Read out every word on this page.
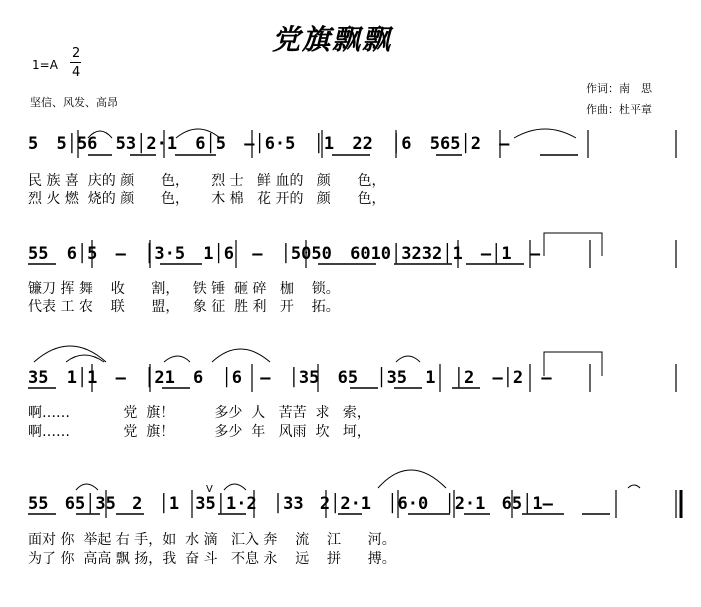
党旗飘飘
1=A
2
4
坚信、风发、高昂
作词：南　思
作曲：杜平章
5 5│56 53│2·1 6│5 –│6·5 │1 22 │6 565│2 –
民 族 喜  庆的 颜      色，     烈 士   鲜 血的   颜      色，
烈 火 燃  烧的 颜      色，     木 棉   花 开的   颜      色，
55 6│5 – │3·5 1│6 – │5050 6010│3232│1 –│1 –
镰刀 挥 舞    收      割，   铁 锤  砸 碎   枷    锁。
代表 工 农    联      盟，   象 征  胜 利   开    拓。
35 1│1 – │21 6 │6 – │35 65 │35 1 │2 –│2 –
啊……            党  旗！         多少  人   苦苦  求   索，
啊……            党  旗！         多少  年   风雨  坎   坷，
55 65│35 2 │1 35│1·2 │33 2│2·1 │6·0 │2·1 65│1–
面对 你  举起 右 手，如  水 滴   汇入 奔    流    江      河。
为了 你  高高 飘 扬，我  奋 斗   不息 永    远    拼      搏。
V
